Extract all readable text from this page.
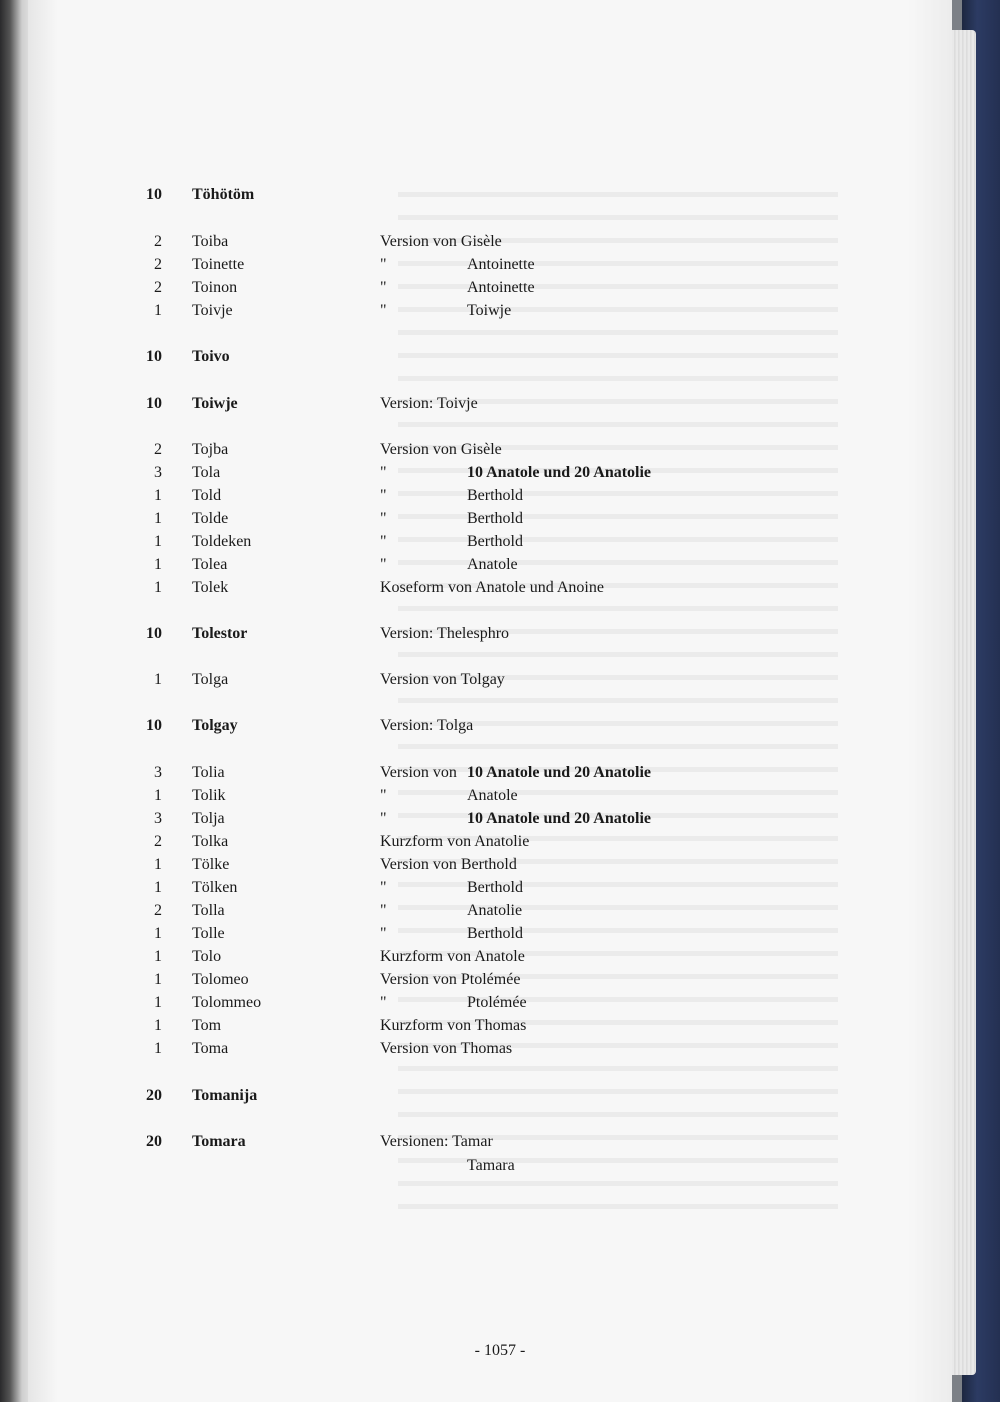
10 Töhötöm
2 Toiba	Version von Gisèle
2 Toinette	"	Antoinette
2 Toinon	"	Antoinette
1 Toivje	"	Toiwje
10 Toivo
10 Toiwje	Version: Toivje
2 Tojba	Version von Gisèle
3 Tola	"	10 Anatole und 20 Anatolie
1 Told	"	Berthold
1 Tolde	"	Berthold
1 Toldeken	"	Berthold
1 Tolea	"	Anatole
1 Tolek	Koseform von Anatole und Anoine
10 Tolestor	Version: Thelesphro
1 Tolga	Version von Tolgay
10 Tolgay	Version: Tolga
3 Tolia	Version von 10 Anatole und 20 Anatolie
1 Tolik	"	Anatole
3 Tolja	"	10 Anatole und 20 Anatolie
2 Tolka	Kurzform von Anatolie
1 Tölke	Version von Berthold
1 Tölken	"	Berthold
2 Tolla	"	Anatolie
1 Tolle	"	Berthold
1 Tolo	Kurzform von Anatole
1 Tolomeo	Version von Ptolémée
1 Tolommeo	"	Ptolémée
1 Tom	Kurzform von Thomas
1 Toma	Version von Thomas
20 Tomanija
20 Tomara	Versionen: Tamar
Tamara
- 1057 -
